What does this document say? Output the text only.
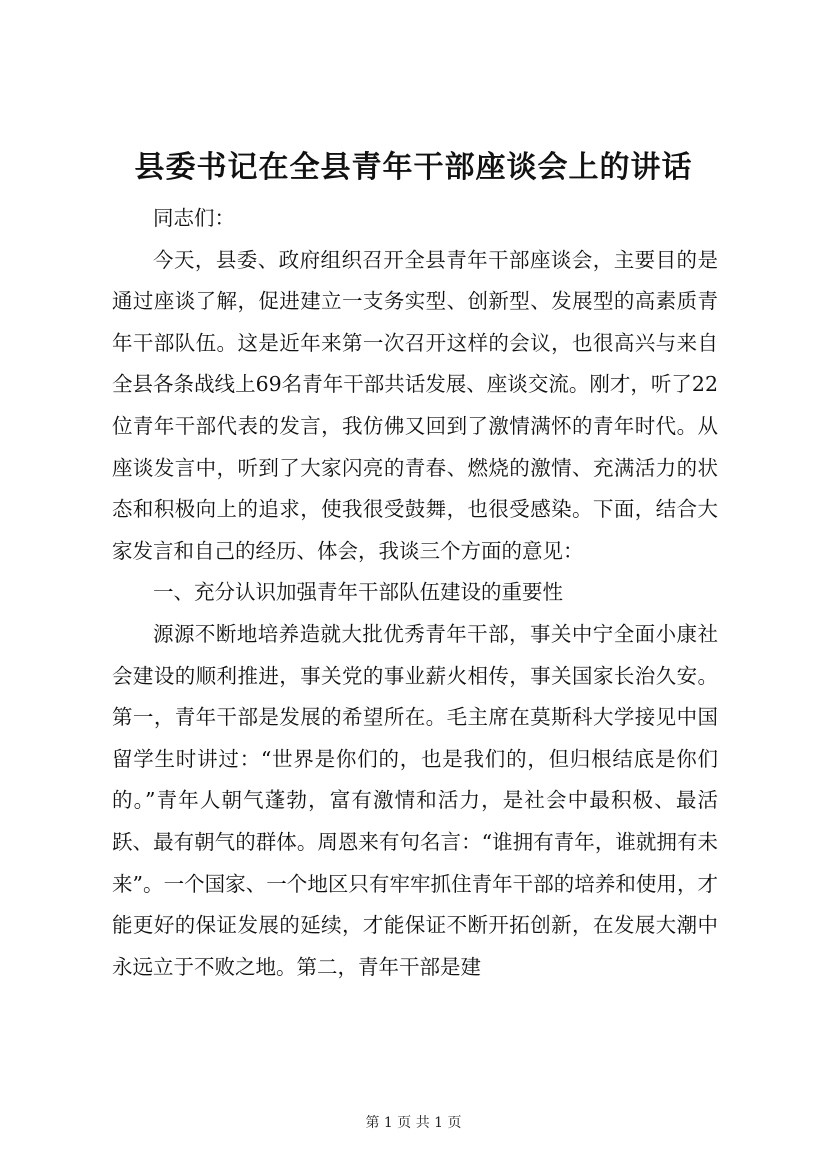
县委书记在全县青年干部座谈会上的讲话

同志们：

今天，县委、政府组织召开全县青年干部座谈会，主要目的是通过座谈了解，促进建立一支务实型、创新型、发展型的高素质青年干部队伍。这是近年来第一次召开这样的会议，也很高兴与来自全县各条战线上69名青年干部共话发展、座谈交流。刚才，听了22位青年干部代表的发言，我仿佛又回到了激情满怀的青年时代。从座谈发言中，听到了大家闪亮的青春、燃烧的激情、充满活力的状态和积极向上的追求，使我很受鼓舞，也很受感染。下面，结合大家发言和自己的经历、体会，我谈三个方面的意见：

一、充分认识加强青年干部队伍建设的重要性

源源不断地培养造就大批优秀青年干部，事关中宁全面小康社会建设的顺利推进，事关党的事业薪火相传，事关国家长治久安。第一，青年干部是发展的希望所在。毛主席在莫斯科大学接见中国留学生时讲过：“世界是你们的，也是我们的，但归根结底是你们的。”青年人朝气蓬勃，富有激情和活力，是社会中最积极、最活跃、最有朝气的群体。周恩来有句名言：“谁拥有青年，谁就拥有未来”。一个国家、一个地区只有牢牢抓住青年干部的培养和使用，才能更好的保证发展的延续，才能保证不断开拓创新，在发展大潮中永远立于不败之地。第二，青年干部是建

第 1 页 共 1 页
